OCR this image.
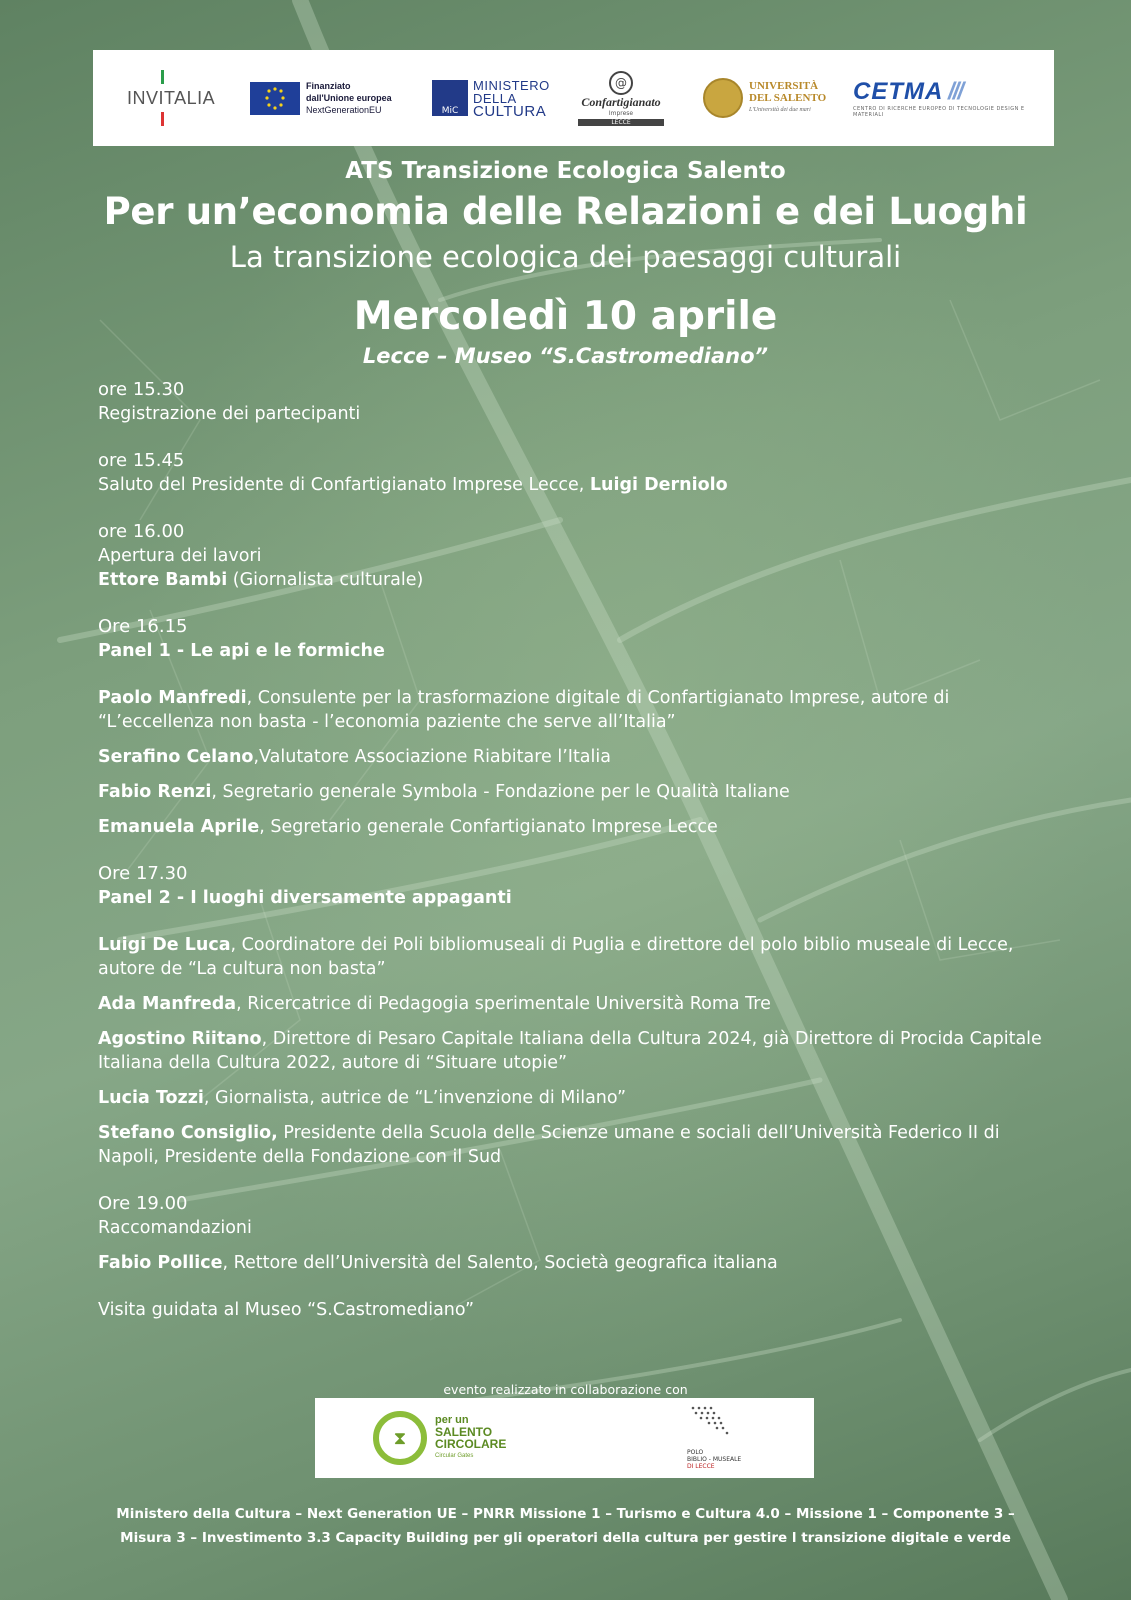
INVITALIA
Finanziato
dall'Unione europea
NextGenerationEU	MiC
MINISTERO
DELLA
CULTURA
@
Confartigianato
Imprese
LECCE
UNIVERSITÀ
DEL SALENTO
L'Università dei due mari
CETMA ///
CENTRO DI RICERCHE EUROPEO DI TECNOLOGIE DESIGN E MATERIALI
ATS Transizione Ecologica Salento
Per un’economia delle Relazioni e dei Luoghi
La transizione ecologica dei paesaggi culturali
Mercoledì 10 aprile
Lecce – Museo “S.Castromediano”
ore 15.30
Registrazione dei partecipanti
ore 15.45
Saluto del Presidente di Confartigianato Imprese Lecce, Luigi Derniolo
ore 16.00
Apertura dei lavori
Ettore Bambi (Giornalista culturale)
Ore 16.15
Panel 1 - Le api e le formiche
Paolo Manfredi, Consulente per la trasformazione digitale di Confartigianato Imprese, autore di “L’eccellenza non basta - l’economia paziente che serve all’Italia”
Serafino Celano,Valutatore Associazione Riabitare l’Italia
Fabio Renzi, Segretario generale Symbola - Fondazione per le Qualità Italiane
Emanuela Aprile, Segretario generale Confartigianato Imprese Lecce
Ore 17.30
Panel 2 - I luoghi diversamente appaganti
Luigi De Luca, Coordinatore dei Poli bibliomuseali di Puglia e direttore del polo biblio museale di Lecce, autore de “La cultura non basta”
Ada Manfreda, Ricercatrice di Pedagogia sperimentale Università Roma Tre
Agostino Riitano, Direttore di Pesaro Capitale Italiana della Cultura 2024, già Direttore di Procida Capitale Italiana della Cultura 2022, autore di “Situare utopie”
Lucia Tozzi, Giornalista, autrice de “L’invenzione di Milano”
Stefano Consiglio, Presidente della Scuola delle Scienze umane e sociali dell’Università Federico II di Napoli, Presidente della Fondazione con il Sud
Ore 19.00
Raccomandazioni
Fabio Pollice, Rettore dell’Università del Salento, Società geografica italiana
Visita guidata al Museo “S.Castromediano”
evento realizzato in collaborazione con
⧗
per un
SALENTO
CIRCOLARE
Circular Gates	POLO
BIBLIO - MUSEALE
DI LECCE
Ministero della Cultura – Next Generation UE – PNRR Missione 1 – Turismo e Cultura 4.0 – Missione 1 – Componente 3 –
Misura 3 – Investimento 3.3 Capacity Building per gli operatori della cultura per gestire l transizione digitale e verde
